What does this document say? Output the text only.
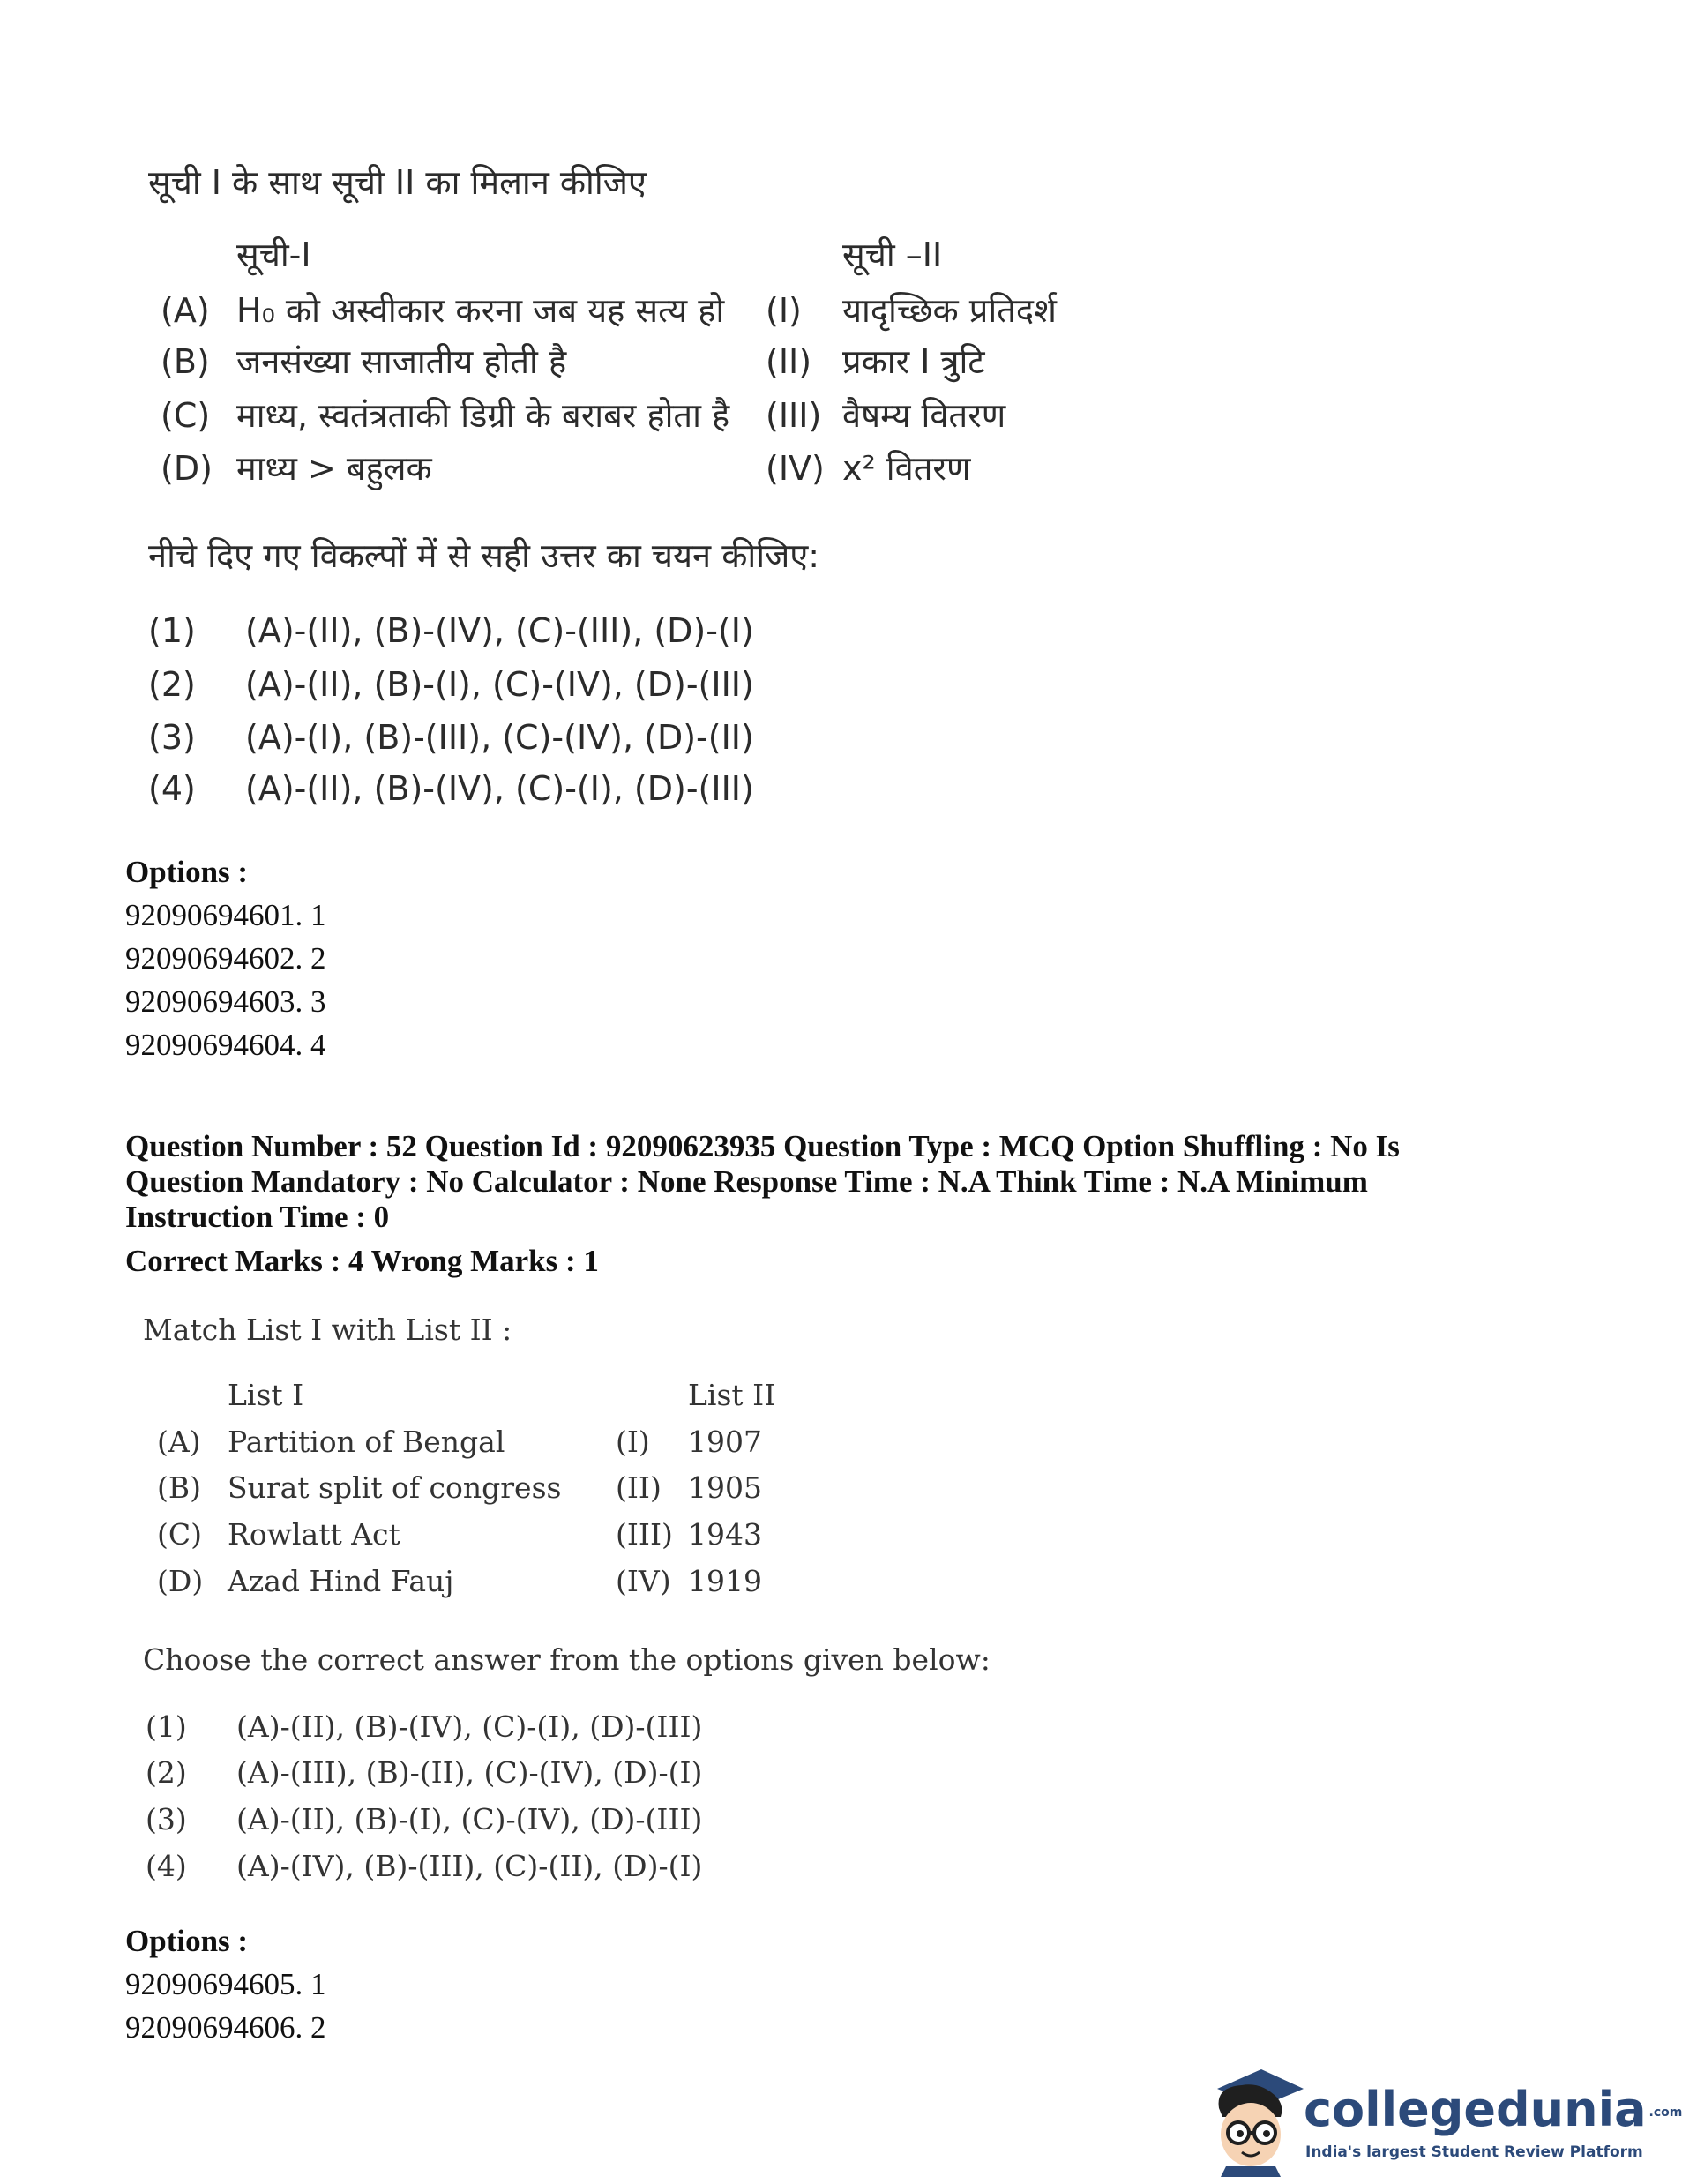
सूची I के साथ सूची II का मिलान कीजिए
सूची-I	सूची –II
(A) H₀ को अस्वीकार करना जब यह सत्य हो (I) यादृच्छिक प्रतिदर्श
(B) जनसंख्या साजातीय होती है	(II) प्रकार I त्रुटि
(C) माध्य, स्वतंत्रताकी डिग्री के बराबर होता है (III) वैषम्य वितरण
(D) माध्य > बहुलक	(IV) x² वितरण
नीचे दिए गए विकल्पों में से सही उत्तर का चयन कीजिए:
(1) (A)-(II), (B)-(IV), (C)-(III), (D)-(I)
(2) (A)-(II), (B)-(I), (C)-(IV), (D)-(III)
(3) (A)-(I), (B)-(III), (C)-(IV), (D)-(II)
(4) (A)-(II), (B)-(IV), (C)-(I), (D)-(III)
Options :
92090694601. 1
92090694602. 2
92090694603. 3
92090694604. 4
Question Number : 52 Question Id : 92090623935 Question Type : MCQ Option Shuffling : No Is
Question Mandatory : No Calculator : None Response Time : N.A Think Time : N.A Minimum
Instruction Time : 0
Correct Marks : 4 Wrong Marks : 1
Match List I with List II :
List I	List II
(A) Partition of Bengal	(I) 1907
(B) Surat split of congress (II) 1905
(C) Rowlatt Act	(III) 1943
(D) Azad Hind Fauj	(IV) 1919
Choose the correct answer from the options given below:
(1) (A)-(II), (B)-(IV), (C)-(I), (D)-(III)
(2) (A)-(III), (B)-(II), (C)-(IV), (D)-(I)
(3) (A)-(II), (B)-(I), (C)-(IV), (D)-(III)
(4) (A)-(IV), (B)-(III), (C)-(II), (D)-(I)
Options :
92090694605. 1
92090694606. 2
collegedunia .com
India's largest Student Review Platform
